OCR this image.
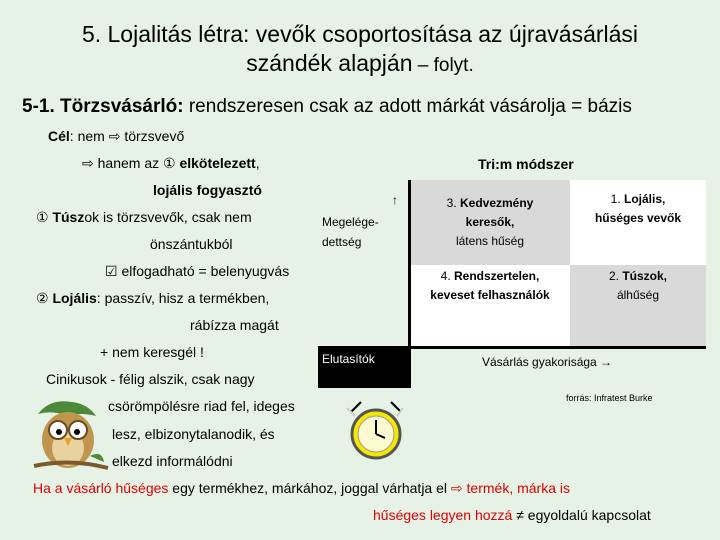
5. Lojalitás létra: vevők csoportosítása az újravásárlási
szándék alapján – folyt.
5-1. Törzsvásárló: rendszeresen csak az adott márkát vásárolja = bázis
Cél: nem ⇨ törzsvevő
⇨ hanem az ① elkötelezett,
lojális fogyasztó
① Túszok is törzsvevők, csak nem
önszántukból
☑ elfogadható = belenyugvás
② Lojális: passzív, hisz a termékben,
rábízza magát
+ nem keresgél !
Cinikusok - félig alszik, csak nagy
csörömpölésre riad fel, ideges
lesz, elbizonytalanodik, és
elkezd informálódni
Tri:m módszer
Megelége-
dettség
↑	3. Kedvezmény
keresők,
látens hűség
1. Lojális,
hűséges vevők
4. Rendszertelen,
keveset felhasználók
2. Túszok,
álhűség
Elutasítók	Vásárlás gyakorisága →
forrás: Infratest Burke
Ha a vásárló hűséges egy termékhez, márkához, joggal várhatja el ⇨ termék, márka is
hűséges legyen hozzá ≠ egyoldalú kapcsolat
